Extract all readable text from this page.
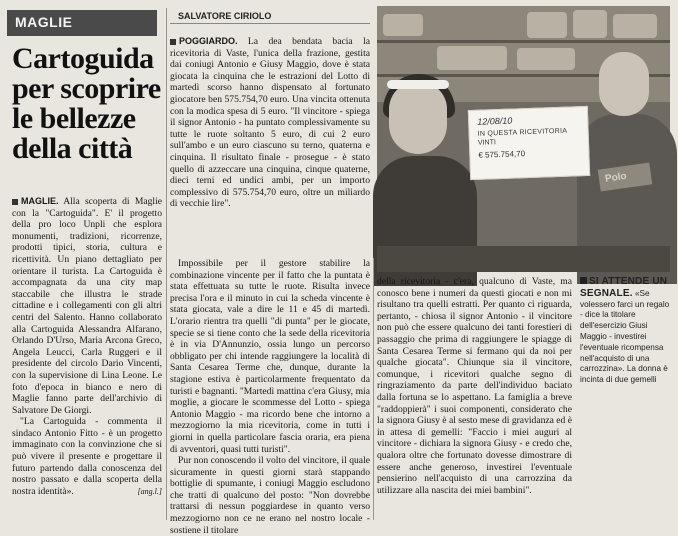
MAGLIE
Cartoguida per scoprire le bellezze della città

MAGLIE. Alla scoperta di Maglie con la "Cartoguida". E' il progetto della pro loco Unpli che esplora monumenti, tradizioni, ricorrenze, prodotti tipici, storia, cultura e ricettività. Un piano dettagliato per orientare il turista. La Cartoguida è accompagnata da una city map staccabile che illustra le strade cittadine e i collegamenti con gli altri centri del Salento. Hanno collaborato alla Cartoguida Alessandra Alfarano, Orlando D'Urso, Maria Arcona Greco, Angela Leucci, Carla Ruggeri e il presidente del circolo Dario Vincenti, con la supervisione di Lina Leone. Le foto d'epoca in bianco e nero di Maglie fanno parte dell'archivio di Salvatore De Giorgi.

"La Cartoguida - commenta il sindaco Antonio Fitto - è un progetto immaginato con la convinzione che si può vivere il presente e progettare il futuro partendo dalla conoscenza del nostro passato e dalla scoperta della nostra identità».	[ang.l.]

SALVATORE CIRIOLO

POGGIARDO. La dea bendata bacia la ricevitoria di Vaste, l'unica della frazione, gestita dai coniugi Antonio e Giusy Maggio, dove è stata giocata la cinquina che le estrazioni del Lotto di martedì scorso hanno dispensato al fortunato giocatore ben 575.754,70 euro. Una vincita ottenuta con la modica spesa di 5 euro. "Il vincitore - spiega il signor Antonio - ha puntato complessivamente su tutte le ruote soltanto 5 euro, di cui 2 euro sull'ambo e un euro ciascuno su terno, quaterna e cinquina. Il risultato finale - prosegue - è stato quello di azzeccare una cinquina, cinque quaterne, dieci terni ed undici ambi, per un importo complessivo di 575.754,70 euro, oltre un miliardo di vecchie lire".

Impossibile per il gestore stabilire la combinazione vincente per il fatto che la puntata è stata effettuata su tutte le ruote. Risulta invece precisa l'ora e il minuto in cui la scheda vincente è stata giocata, vale a dire le 11 e 45 di martedì. L'orario rientra tra quelli "di punta" per le giocate, specie se si tiene conto che la sede della ricevitoria è in via D'Annunzio, ossia lungo un percorso obbligato per chi intende raggiungere la località di Santa Cesarea Terme che, dunque, durante la stagione estiva è particolarmente frequentato da turisti e bagnanti. "Martedì mattina c'era Giusy, mia moglie, a giocare le scommesse del Lotto - spiega Antonio Maggio - ma ricordo bene che intorno a mezzogiorno la mia ricevitoria, come in tutti i giorni in quella particolare fascia oraria, era piena di avventori, quasi tutti turisti".

Pur non conoscendo il volto del vincitore, il quale sicuramente in questi giorni starà stappando bottiglie di spumante, i coniugi Maggio escludono che tratti di qualcuno del posto: "Non dovrebbe trattarsi di nessun poggiardese in quanto verso mezzogiorno non ce ne erano nel nostro locale - sostiene il titolare

Polo
12/08/10
IN QUESTA RICEVITORIA
VINTI
€ 575.754,70

della ricevitoria - c'era, qualcuno di Vaste, ma conosco bene i numeri da questi giocati e non mi risultano tra quelli estratti. Per quanto ci riguarda, pertanto, - chiosa il signor Antonio - il vincitore non può che essere qualcuno dei tanti forestieri di passaggio che prima di raggiungere le spiagge di Santa Cesarea Terme si fermano qui da noi per qualche giocata". Chiunque sia il vincitore, comunque, i ricevitori qualche segno di ringraziamento da parte dell'individuo baciato dalla fortuna se lo aspettano. La famiglia a breve "raddoppierà" i suoi componenti, considerato che la signora Giusy è al sesto mese di gravidanza ed è in attesa di gemelli: "Faccio i miei auguri al vincitore - dichiara la signora Giusy - e credo che, qualora oltre che fortunato dovesse dimostrare di essere anche generoso, investirei l'eventuale pensierino nell'acquisto di una carrozzina da utilizzare alla nascita dei miei bambini".

SI ATTENDE UN SEGNALE. «Se volessero farci un regalo - dice la titolare dell'esercizio Giusi Maggio - investirei l'eventuale ricompensa nell'acquisto di una carrozzina». La donna è incinta di due gemelli
